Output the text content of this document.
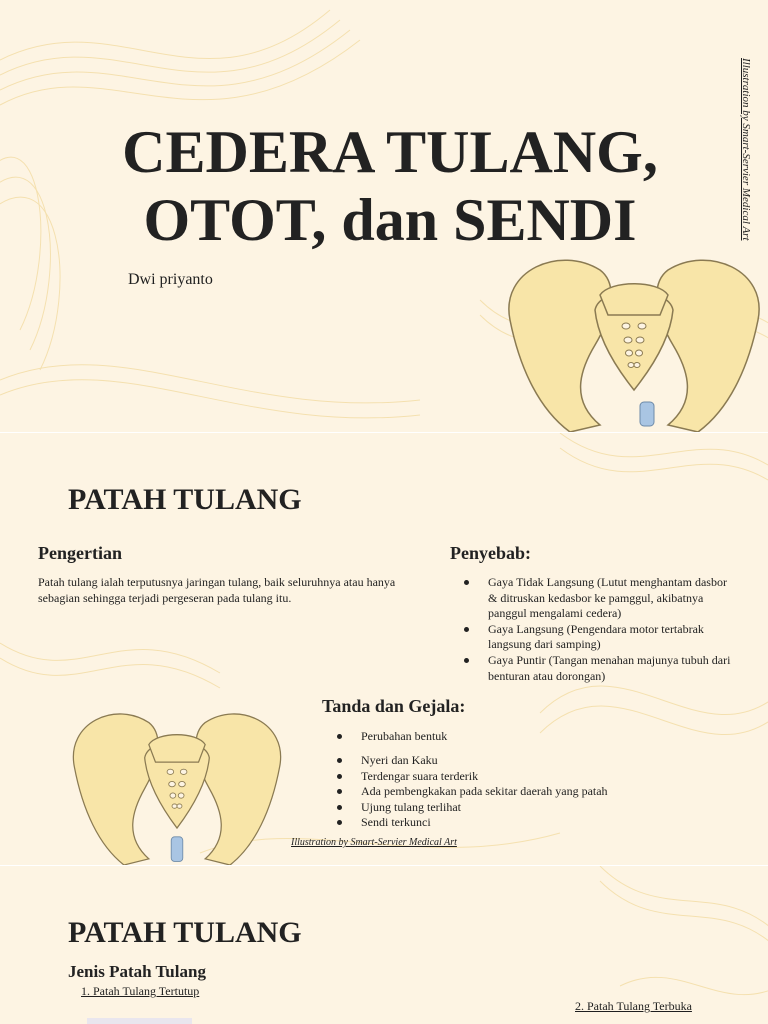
CEDERA TULANG,
OTOT, dan SENDI
Dwi priyanto
Illustration by Smart-Servier Medical Art
PATAH TULANG
Pengertian

Patah tulang ialah terputusnya jaringan tulang, baik seluruhnya atau hanya sebagian sehingga terjadi pergeseran pada tulang itu.

Penyebab:
Gaya Tidak Langsung (Lutut menghantam dasbor & ditruskan kedasbor ke pamggul, akibatnya panggul mengalami cedera)
Gaya Langsung (Pengendara motor tertabrak langsung dari samping)
Gaya Puntir (Tangan menahan majunya tubuh dari benturan atau dorongan)
Tanda dan Gejala:
Perubahan bentuk
Nyeri dan Kaku
Terdengar suara terderik
Ada pembengkakan pada sekitar daerah yang patah
Ujung tulang terlihat
Sendi terkunci
Illustration by Smart-Servier Medical Art
PATAH TULANG
Jenis Patah Tulang
1. Patah Tulang Tertutup
2. Patah Tulang Terbuka
